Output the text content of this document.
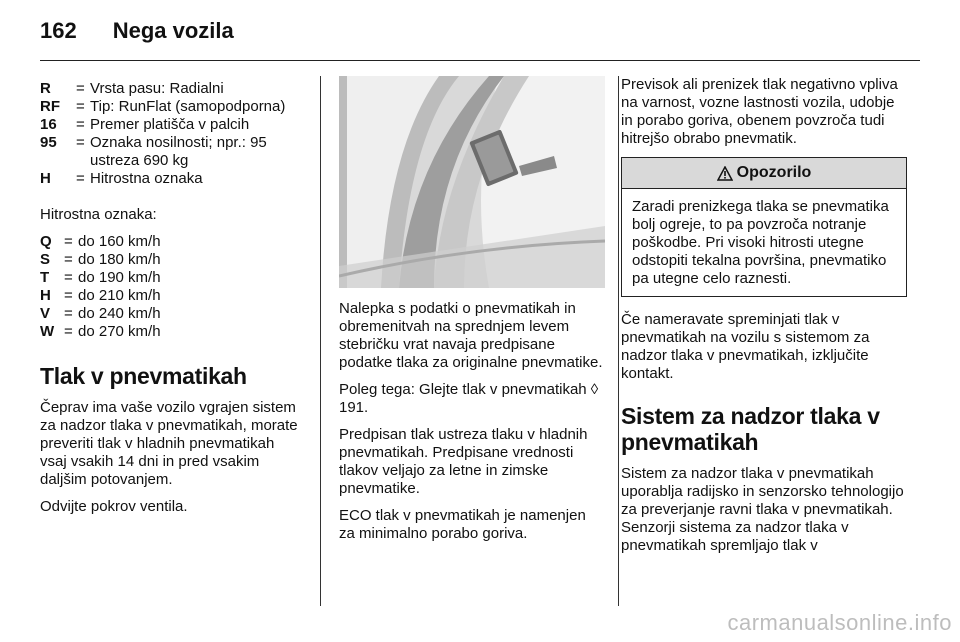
162 Nega vozila
R	= Vrsta pasu: Radialni
RF	= Tip: RunFlat (samopodporna)
16	= Premer platišča v palcih
95	= Oznaka nosilnosti; npr.: 95 ustreza 690 kg
H	= Hitrostna oznaka

Hitrostna oznaka:

Q = do 160 km/h
S = do 180 km/h
T = do 190 km/h
H = do 210 km/h
V = do 240 km/h
W = do 270 km/h
Tlak v pnevmatikah

Čeprav ima vaše vozilo vgrajen sistem za nadzor tlaka v pnevmatikah, morate preveriti tlak v hladnih pnevmatikah vsaj vsakih 14 dni in pred vsakim daljšim potovanjem.

Odvijte pokrov ventila.

Nalepka s podatki o pnevmatikah in obremenitvah na sprednjem levem stebričku vrat navaja predpisane podatke tlaka za originalne pnevmatike.

Poleg tega: Glejte tlak v pnevmatikah ◊ 191.

Predpisan tlak ustreza tlaku v hladnih pnevmatikah. Predpisane vrednosti tlakov veljajo za letne in zimske pnevmatike.

ECO tlak v pnevmatikah je namenjen za minimalno porabo goriva.

Previsok ali prenizek tlak negativno vpliva na varnost, vozne lastnosti vozila, udobje in porabo goriva, obenem povzroča tudi hitrejšo obrabo pnevmatik.

Opozorilo
Zaradi prenizkega tlaka se pnevmatika bolj ogreje, to pa povzroča notranje poškodbe. Pri visoki hitrosti utegne odstopiti tekalna površina, pnevmatiko pa utegne celo raznesti.

Če nameravate spreminjati tlak v pnevmatikah na vozilu s sistemom za nadzor tlaka v pnevmatikah, izključite kontakt.

Sistem za nadzor tlaka v pnevmatikah

Sistem za nadzor tlaka v pnevmatikah uporablja radijsko in senzorsko tehnologijo za preverjanje ravni tlaka v pnevmatikah. Senzorji sistema za nadzor tlaka v pnevmatikah spremljajo tlak v

carmanualsonline.info
